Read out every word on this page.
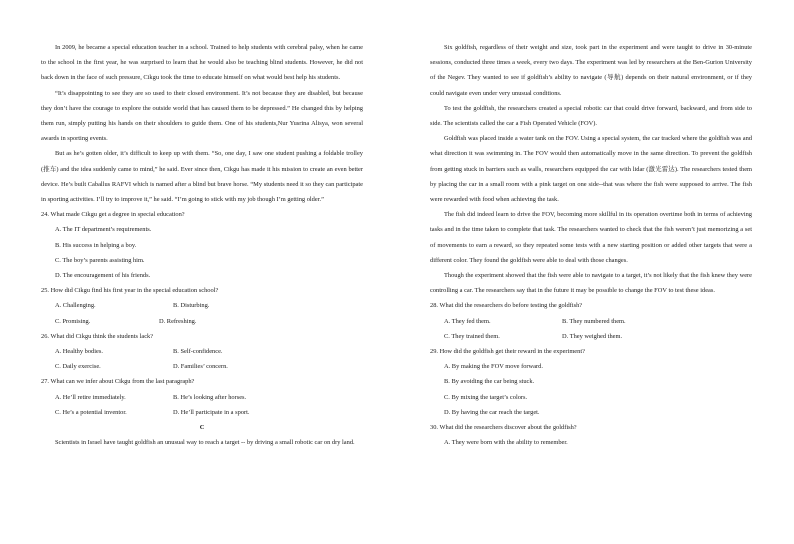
In 2009, he became a special education teacher in a school. Trained to help students with cerebral palsy, when he came to the school in the first year, he was surprised to learn that he would also be teaching blind students. However, he did not back down in the face of such pressure, Cikgu took the time to educate himself on what would best help his students.

“It’s disappointing to see they are so used to their closed environment. It’s not because they are disabled, but because they don’t have the courage to explore the outside world that has caused them to be depressed.” He changed this by helping them run, simply putting his hands on their shoulders to guide them. One of his students,Nur Yusrina Alisya, won several awards in sporting events.

But as he’s gotten older, it’s difficult to keep up with them. “So, one day, I saw one student pushing a foldable trolley (推车) and the idea suddenly came to mind,” he said. Ever since then, Cikgu has made it his mission to create an even better device. He’s built Caballus RAFVI which is named after a blind but brave horse. “My students need it so they can participate in sporting activities. I’ll try to improve it,” he said. “I’m going to stick with my job though I’m getting older.”

24. What made Cikgu get a degree in special education?

A. The IT department’s requirements.

B. His success in helping a boy.

C. The boy’s parents assisting him.

D. The encouragement of his friends.

25. How did Cikgu find his first year in the special education school?

A. Challenging.	B. Disturbing.
C. Promising.	D. Refreshing.

26. What did Cikgu think the students lack?

A. Healthy bodies.	B. Self-confidence.
C. Daily exercise.	D. Families’ concern.

27. What can we infer about Cikgu from the last paragraph?

A. He’ll retire immediately.	B. He’s looking after horses.
C. He’s a potential inventor.	D. He’ll participate in a sport.

C

Scientists in Israel have taught goldfish an unusual way to reach a target -- by driving a small robotic car on dry land.

Six goldfish, regardless of their weight and size, took part in the experiment and were taught to drive in 30-minute sessions, conducted three times a week, every two days. The experiment was led by researchers at the Ben-Gurion University of the Negev. They wanted to see if goldfish’s ability to navigate (导航) depends on their natural environment, or if they could navigate even under very unusual conditions.

To test the goldfish, the researchers created a special robotic car that could drive forward, backward, and from side to side. The scientists called the car a Fish Operated Vehicle (FOV).

Goldfish was placed inside a water tank on the FOV. Using a special system, the car tracked where the goldfish was and what direction it was swimming in. The FOV would then automatically move in the same direction. To prevent the goldfish from getting stuck in barriers such as walls, researchers equipped the car with lidar (激光雷达). The researchers tested them by placing the car in a small room with a pink target on one side--that was where the fish were supposed to arrive. The fish were rewarded with food when achieving the task.

The fish did indeed learn to drive the FOV, becoming more skillful in its operation overtime both in terms of achieving tasks and in the time taken to complete that task. The researchers wanted to check that the fish weren’t just memorizing a set of movements to earn a reward, so they repeated some tests with a new starting position or added other targets that were a different color. They found the goldfish were able to deal with those changes.

Though the experiment showed that the fish were able to navigate to a target, it’s not likely that the fish knew they were controlling a car. The researchers say that in the future it may be possible to change the FOV to test these ideas.

28. What did the researchers do before testing the goldfish?

A. They fed them.	B. They numbered them.
C. They trained them.	D. They weighed them.

29. How did the goldfish get their reward in the experiment?

A. By making the FOV move forward.

B. By avoiding the car being stuck.

C. By mixing the target’s colors.

D. By having the car reach the target.

30. What did the researchers discover about the goldfish?

A. They were born with the ability to remember.
